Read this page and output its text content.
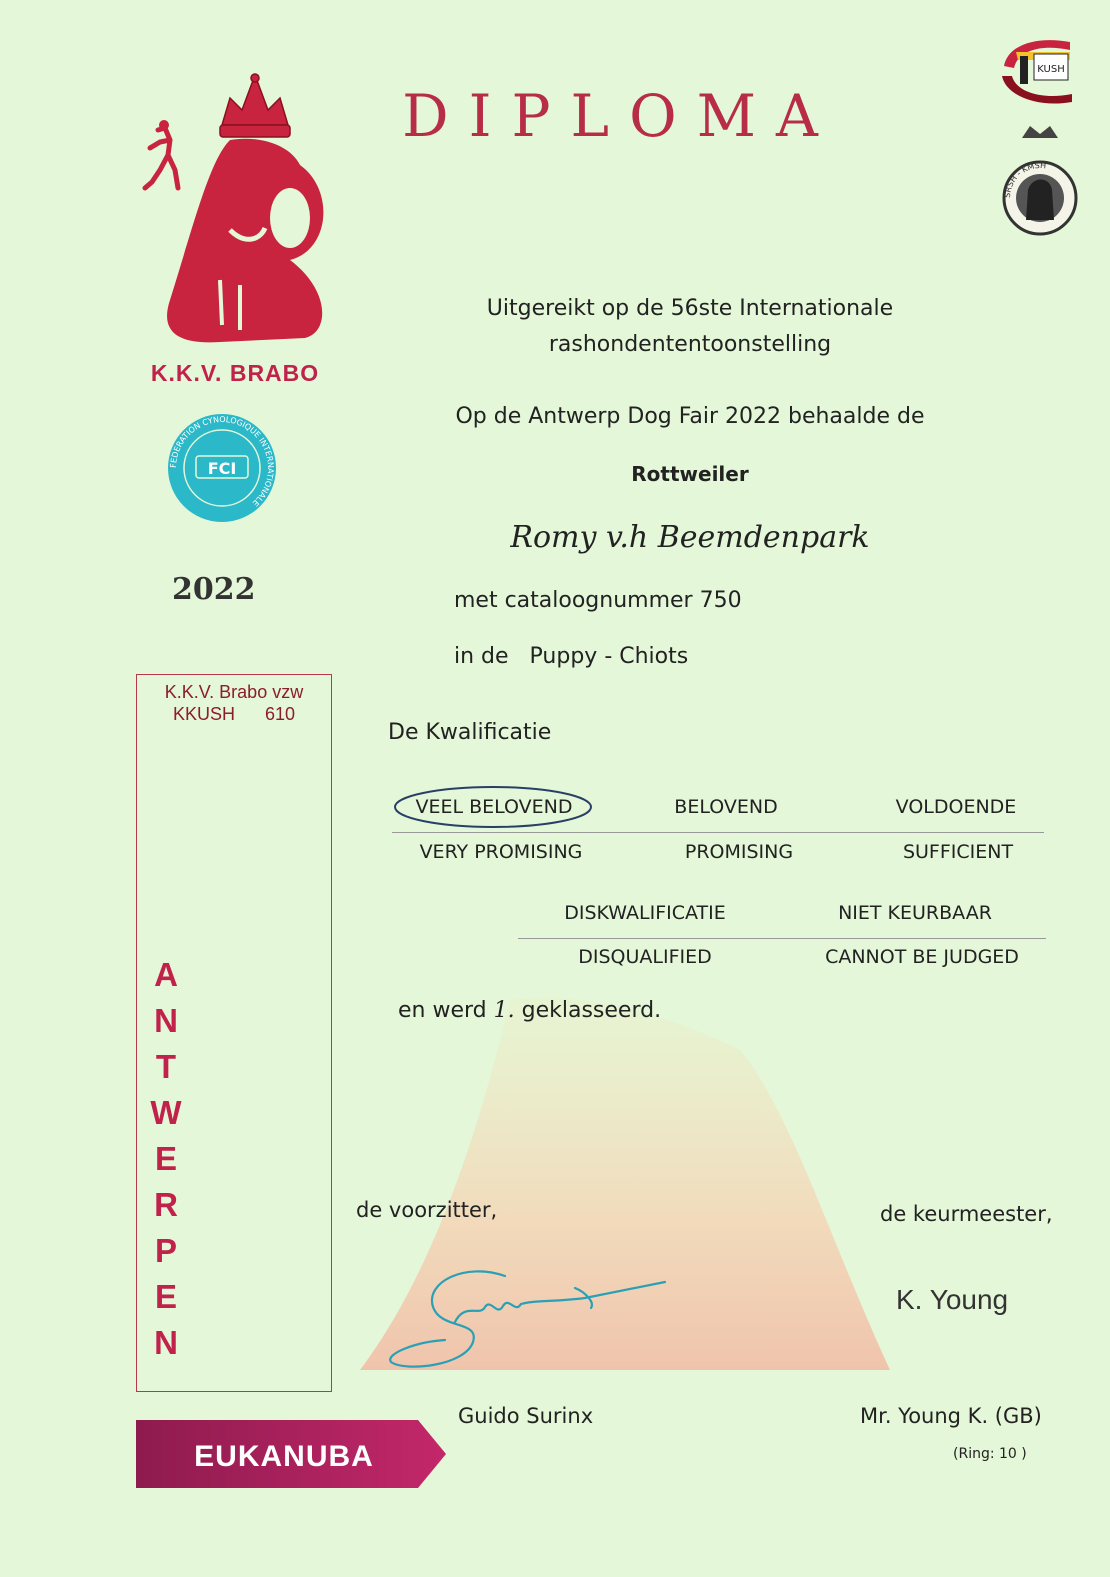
K.K.V. BRABO
FCI
FEDERATION CYNOLOGIQUE INTERNATIONALE
2022
DIPLOMA
KUSH
SRSH - KMSH
Uitgereikt op de 56ste Internationale
rashondententoonstelling
Op de Antwerp Dog Fair 2022 behaalde de
Rottweiler
Romy v.h Beemdenpark
met cataloognummer 750
in de Puppy - Chiots
De Kwalificatie
VEEL BELOVEND	BELOVEND	VOLDOENDE
VERY PROMISING	PROMISING	SUFFICIENT
DISKWALIFICATIE	NIET KEURBAAR
DISQUALIFIED	CANNOT BE JUDGED
en werd 1. geklasseerd.
K.K.V. Brabo vzw
KKUSH 610
A
N
T
W
E
R
P
E
N
de voorzitter,	de keurmeester,
K. Young
Guido Surinx	Mr. Young K. (GB)
(Ring: 10 )
EUKANUBA
